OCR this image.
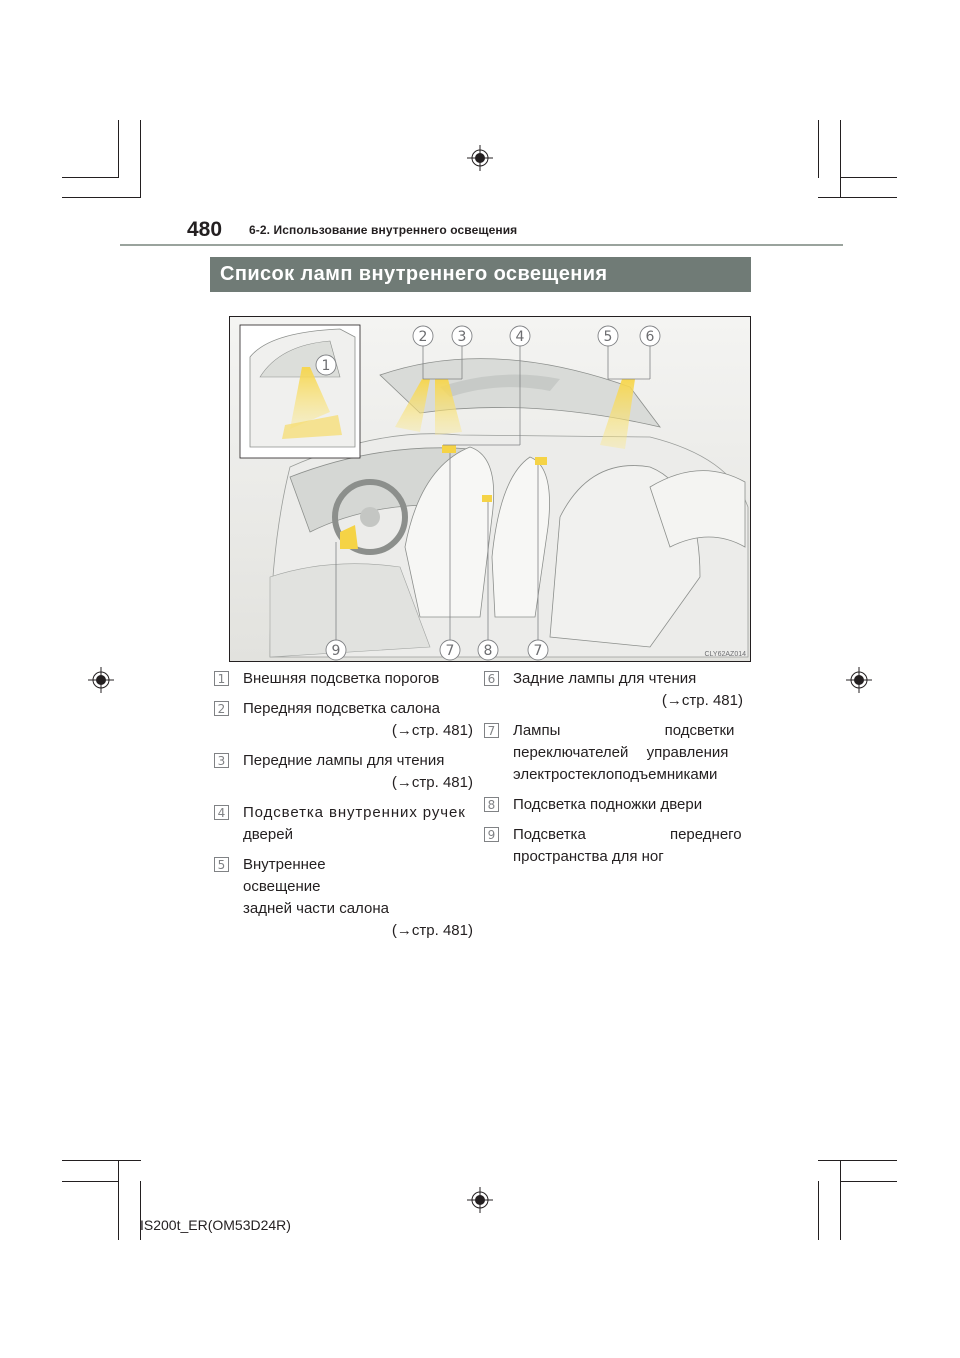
480 6-2. Использование внутреннего освещения
Список ламп внутреннего освещения
1
2 3	4	5 6
7 8	7
9	CLY62AZ014
1 Внешняя подсветка порогов
2 Передняя подсветка салона
(→стр. 481)
3 Передние лампы для чтения
(→стр. 481)
4 Подсветка внутренних ручек
дверей
5 Внутреннее освещение
задней части салона
(→стр. 481)
6 Задние лампы для чтения
(→стр. 481)
7 Лампы подсветки
переключателей управления
электростеклоподъемниками
8 Подсветка подножки двери
9 Подсветка переднего
пространства для ног
IS200t_ER(OM53D24R)
